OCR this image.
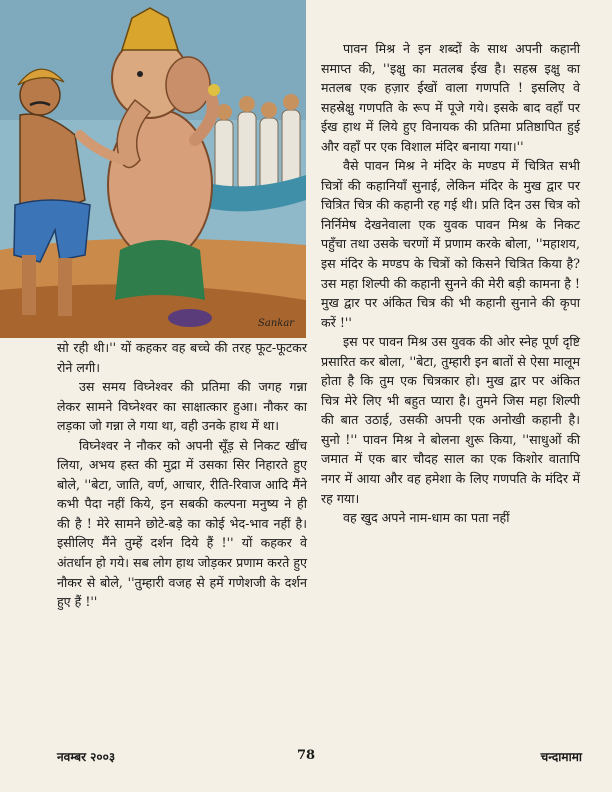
Sankar

सो रही थी।'' यों कहकर वह बच्चे की तरह फूट-फूटकर रोने लगी।

उस समय विघ्नेश्वर की प्रतिमा की जगह गन्ना लेकर सामने विघ्नेश्वर का साक्षात्कार हुआ। नौकर का लड़का जो गन्ना ले गया था, वही उनके हाथ में था।

विघ्नेश्वर ने नौकर को अपनी सूँड़ से निकट खींच लिया, अभय हस्त की मुद्रा में उसका सिर निहारते हुए बोले, ''बेटा, जाति, वर्ण, आचार, रीति-रिवाज आदि मैंने कभी पैदा नहीं किये, इन सबकी कल्पना मनुष्य ने ही की है ! मेरे सामने छोटे-बड़े का कोई भेद-भाव नहीं है। इसीलिए मैंने तुम्हें दर्शन दिये हैं !'' यों कहकर वे अंतर्धान हो गये। सब लोग हाथ जोड़कर प्रणाम करते हुए नौकर से बोले, ''तुम्हारी वजह से हमें गणेशजी के दर्शन हुए हैं !''

पावन मिश्र ने इन शब्दों के साथ अपनी कहानी समाप्त की, ''इक्षु का मतलब ईख है। सहस्र इक्षु का मतलब एक हज़ार ईखों वाला गणपति ! इसलिए वे सहस्रेक्षु गणपति के रूप में पूजे गये। इसके बाद वहाँ पर ईख हाथ में लिये हुए विनायक की प्रतिमा प्रतिष्ठापित हुई और वहाँ पर एक विशाल मंदिर बनाया गया।''

वैसे पावन मिश्र ने मंदिर के मण्डप में चित्रित सभी चित्रों की कहानियाँ सुनाई, लेकिन मंदिर के मुख द्वार पर चित्रित चित्र की कहानी रह गई थी। प्रति दिन उस चित्र को निर्निमेष देखनेवाला एक युवक पावन मिश्र के निकट पहुँचा तथा उसके चरणों में प्रणाम करके बोला, ''महाशय, इस मंदिर के मण्डप के चित्रों को किसने चित्रित किया है? उस महा शिल्पी की कहानी सुनने की मेरी बड़ी कामना है ! मुख द्वार पर अंकित चित्र की भी कहानी सुनाने की कृपा करें !''

इस पर पावन मिश्र उस युवक की ओर स्नेह पूर्ण दृष्टि प्रसारित कर बोला, ''बेटा, तुम्हारी इन बातों से ऐसा मालूम होता है कि तुम एक चित्रकार हो। मुख द्वार पर अंकित चित्र मेरे लिए भी बहुत प्यारा है। तुमने जिस महा शिल्पी की बात उठाई, उसकी अपनी एक अनोखी कहानी है। सुनो !'' पावन मिश्र ने बोलना शुरू किया, ''साधुओं की जमात में एक बार चौदह साल का एक किशोर वातापि नगर में आया और वह हमेशा के लिए गणपति के मंदिर में रह गया।

वह खुद अपने नाम-धाम का पता नहीं

नवम्बर २००३	78	चन्दामामा
